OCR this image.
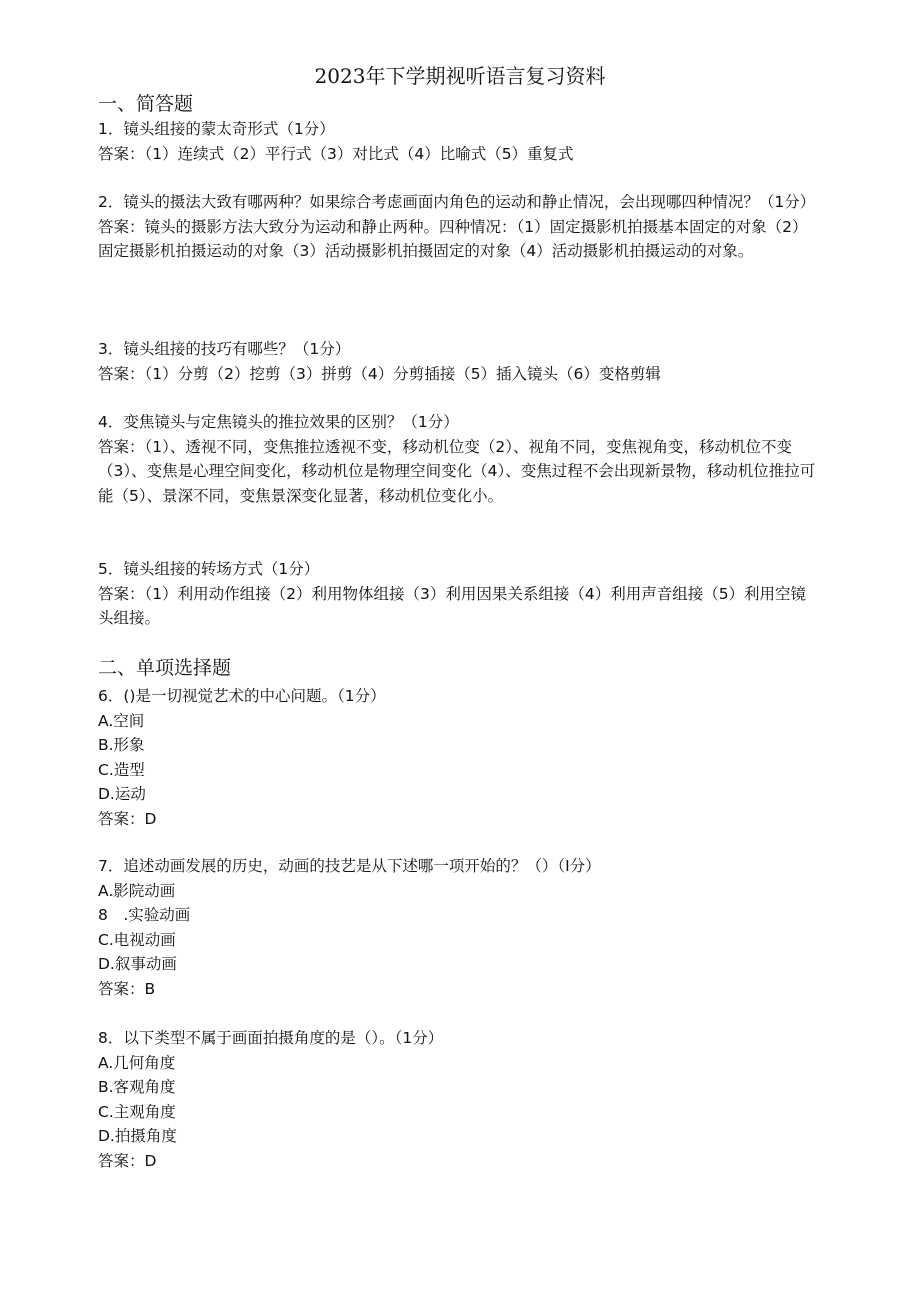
2023年下学期视听语言复习资料
一、简答题

1．镜头组接的蒙太奇形式（1分）

答案：（1）连续式（2）平行式（3）对比式（4）比喻式（5）重复式

2．镜头的摄法大致有哪两种？如果综合考虑画面内角色的运动和静止情况，会出现哪四种情况？（1分）

答案：镜头的摄影方法大致分为运动和静止两种。四种情况：（1）固定摄影机拍摄基本固定的对象（2）固定摄影机拍摄运动的对象（3）活动摄影机拍摄固定的对象（4）活动摄影机拍摄运动的对象。

3．镜头组接的技巧有哪些？（1分）

答案：（1）分剪（2）挖剪（3）拼剪（4）分剪插接（5）插入镜头（6）变格剪辑

4．变焦镜头与定焦镜头的推拉效果的区别？（1分）

答案：（1）、透视不同，变焦推拉透视不变，移动机位变（2）、视角不同，变焦视角变，移动机位不变（3）、变焦是心理空间变化，移动机位是物理空间变化（4）、变焦过程不会出现新景物，移动机位推拉可能（5）、景深不同，变焦景深变化显著，移动机位变化小。

5．镜头组接的转场方式（1分）

答案：（1）利用动作组接（2）利用物体组接（3）利用因果关系组接（4）利用声音组接（5）利用空镜头组接。

二、单项选择题

6．()是一切视觉艺术的中心问题。（1分）

A.空间

B.形象

C.造型

D.运动

答案：D

7．追述动画发展的历史，动画的技艺是从下述哪一项开始的？（）（I分）

A.影院动画

8　.实验动画

C.电视动画

D.叙事动画

答案：B

8．以下类型不属于画面拍摄角度的是（）。（1分）

A.几何角度

B.客观角度

C.主观角度

D.拍摄角度

答案：D
